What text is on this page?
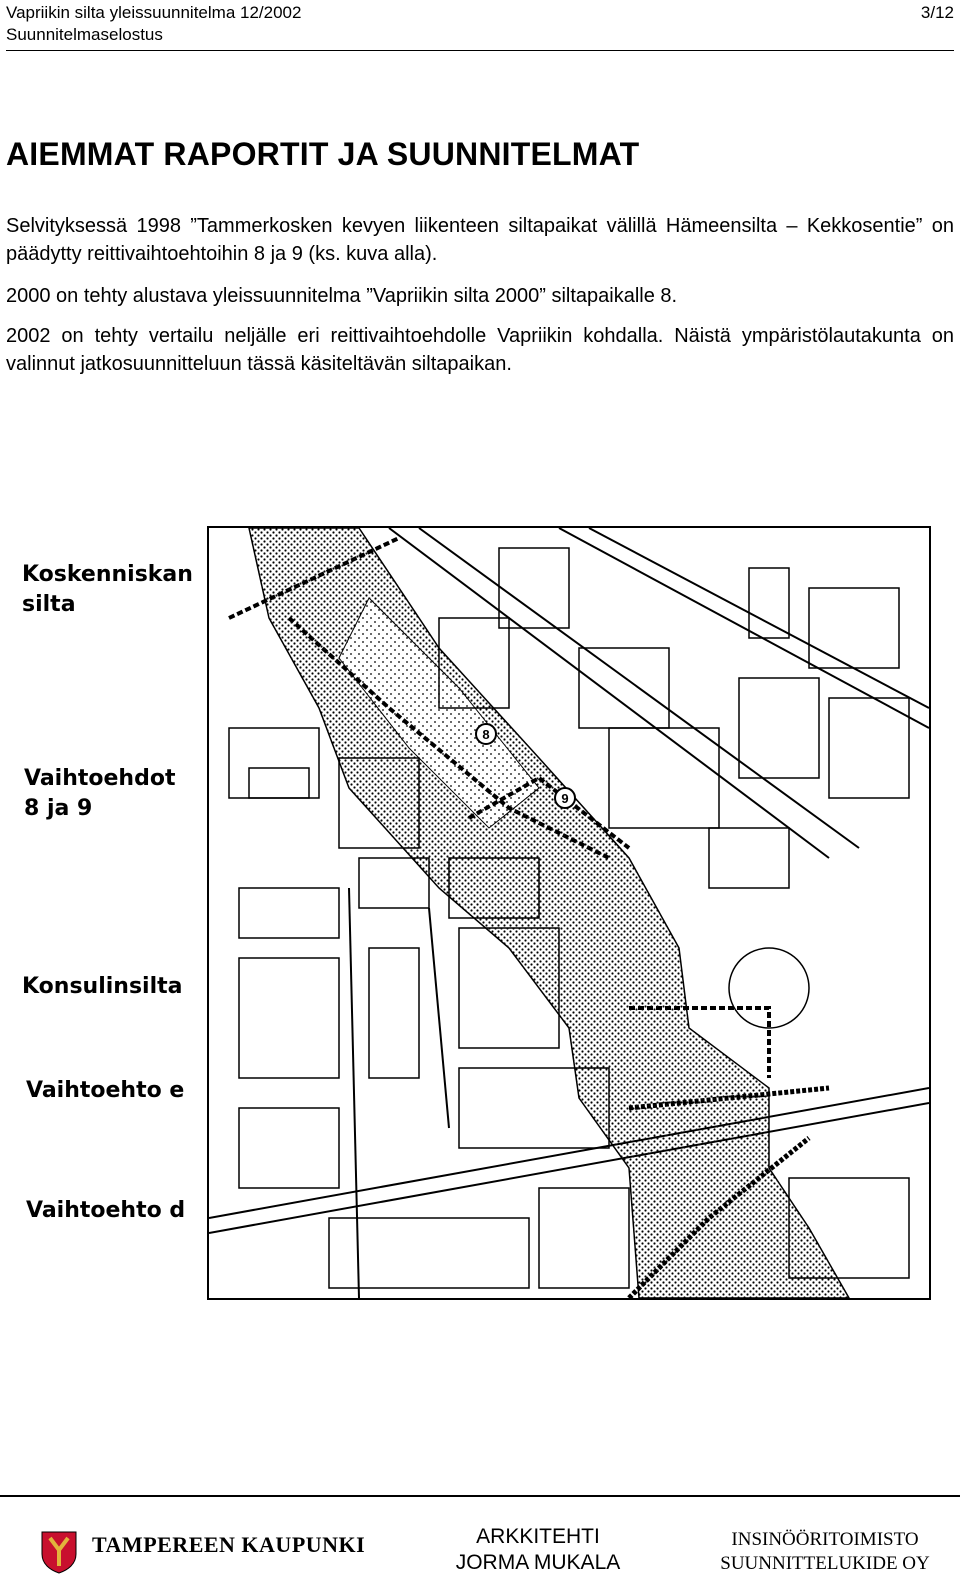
Vapriikin silta yleissuunnitelma 12/2002
Suunnitelmaselostus
3/12
AIEMMAT RAPORTIT JA SUUNNITELMAT
Selvityksessä 1998 ”Tammerkosken kevyen liikenteen siltapaikat välillä Hämeensilta – Kekkosentie” on päädytty reittivaihtoehtoihin 8 ja 9 (ks. kuva alla).
2000 on tehty alustava yleissuunnitelma ”Vapriikin silta 2000” siltapaikalle 8.
2002 on tehty vertailu neljälle eri reittivaihtoehdolle Vapriikin kohdalla. Näistä ympäristölautakunta on valinnut jatkosuunnitteluun tässä käsiteltävän siltapaikan.
Koskenniskan
silta
Vaihtoehdot
8 ja 9
Konsulinsilta
Vaihtoehto e
Vaihtoehto d
8
9
TAMPEREEN KAUPUNKI	ARKKITEHTI
JORMA MUKALA
INSINÖÖRITOIMISTO
SUUNNITTELUKIDE OY
